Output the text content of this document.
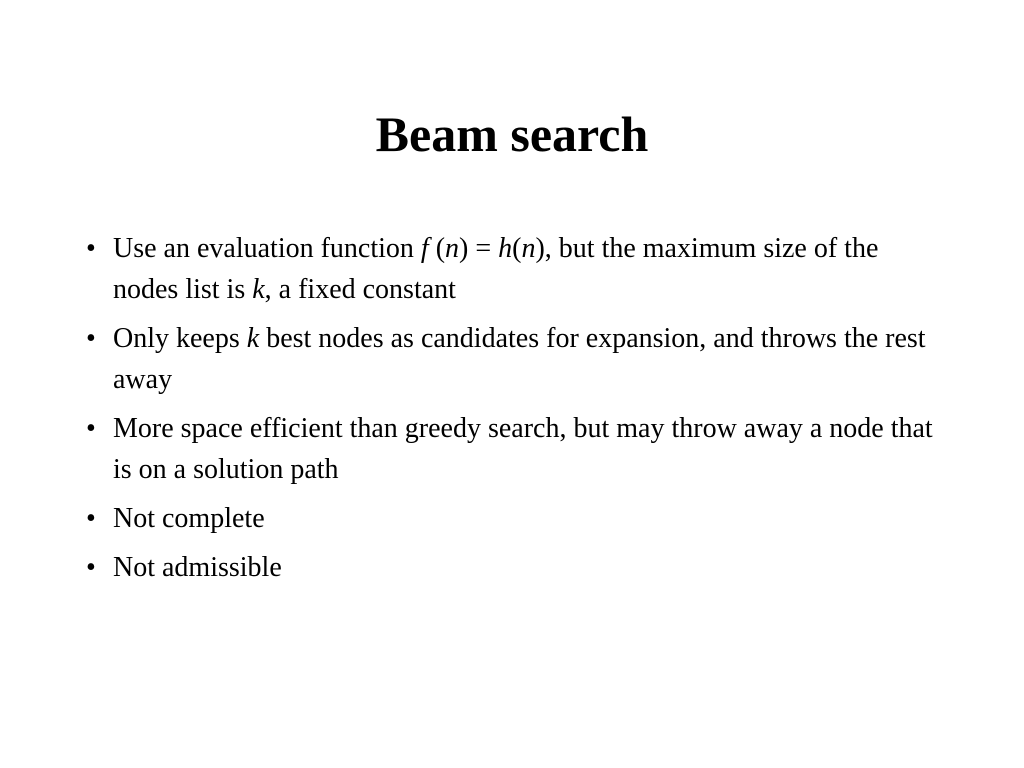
Beam search
• Use an evaluation function f (n) = h(n), but the maximum size of the nodes list is k, a fixed constant
• Only keeps k best nodes as candidates for expansion, and throws the rest away
• More space efficient than greedy search, but may throw away a node that is on a solution path
• Not complete
• Not admissible
